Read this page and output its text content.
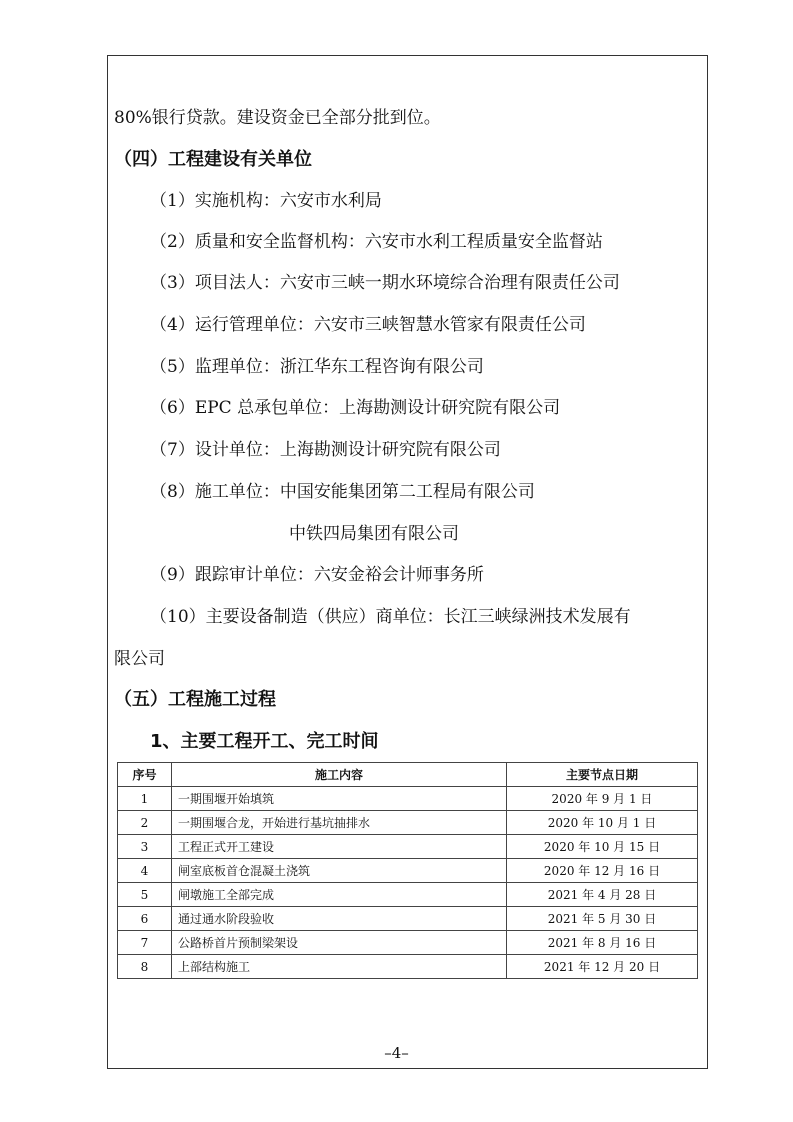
80%银行贷款。建设资金已全部分批到位。
（四）工程建设有关单位
（1）实施机构：六安市水利局
（2）质量和安全监督机构：六安市水利工程质量安全监督站
（3）项目法人：六安市三峡一期水环境综合治理有限责任公司
（4）运行管理单位：六安市三峡智慧水管家有限责任公司
（5）监理单位：浙江华东工程咨询有限公司
（6）EPC 总承包单位：上海勘测设计研究院有限公司
（7）设计单位：上海勘测设计研究院有限公司
（8）施工单位：中国安能集团第二工程局有限公司
中铁四局集团有限公司
（9）跟踪审计单位：六安金裕会计师事务所
（10）主要设备制造（供应）商单位：长江三峡绿洲技术发展有
限公司
（五）工程施工过程
1、主要工程开工、完工时间
序号	施工内容	主要节点日期
1	一期围堰开始填筑	2020 年 9 月 1 日
2	一期围堰合龙，开始进行基坑抽排水	2020 年 10 月 1 日
3	工程正式开工建设	2020 年 10 月 15 日
4	闸室底板首仓混凝土浇筑	2020 年 12 月 16 日
5	闸墩施工全部完成	2021 年 4 月 28 日
6	通过通水阶段验收	2021 年 5 月 30 日
7	公路桥首片预制梁架设	2021 年 8 月 16 日
8	上部结构施工	2021 年 12 月 20 日
–4–
